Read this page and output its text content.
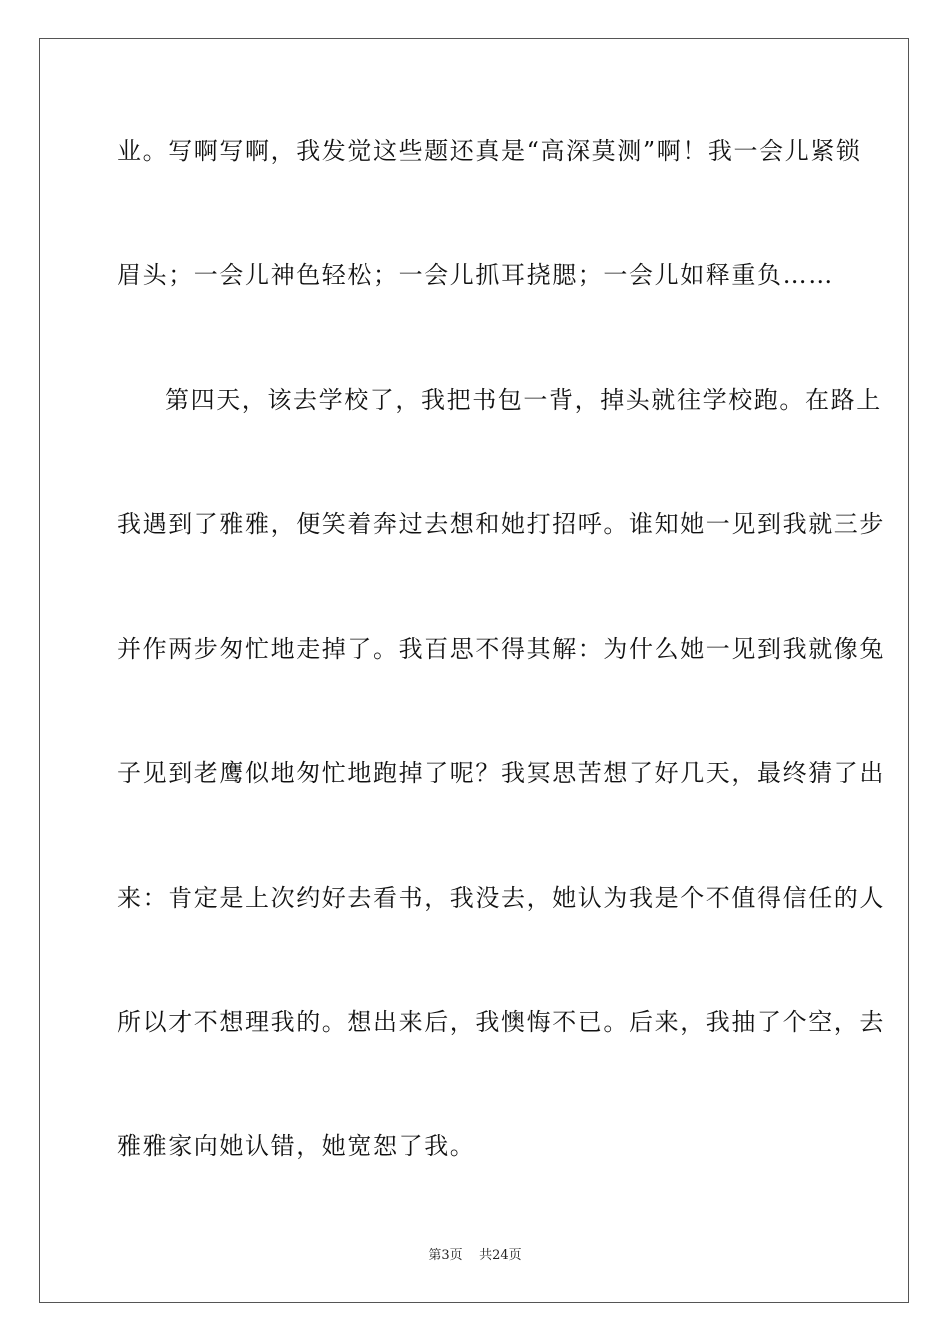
业。写啊写啊，我发觉这些题还真是“高深莫测”啊！我一会儿紧锁
眉头；一会儿神色轻松；一会儿抓耳挠腮；一会儿如释重负……
第四天，该去学校了，我把书包一背，掉头就往学校跑。在路上
我遇到了雅雅，便笑着奔过去想和她打招呼。谁知她一见到我就三步
并作两步匆忙地走掉了。我百思不得其解：为什么她一见到我就像兔
子见到老鹰似地匆忙地跑掉了呢？我冥思苦想了好几天，最终猜了出
来：肯定是上次约好去看书，我没去，她认为我是个不值得信任的人
所以才不想理我的。想出来后，我懊悔不已。后来，我抽了个空，去
雅雅家向她认错，她宽恕了我。
第3页 共24页
